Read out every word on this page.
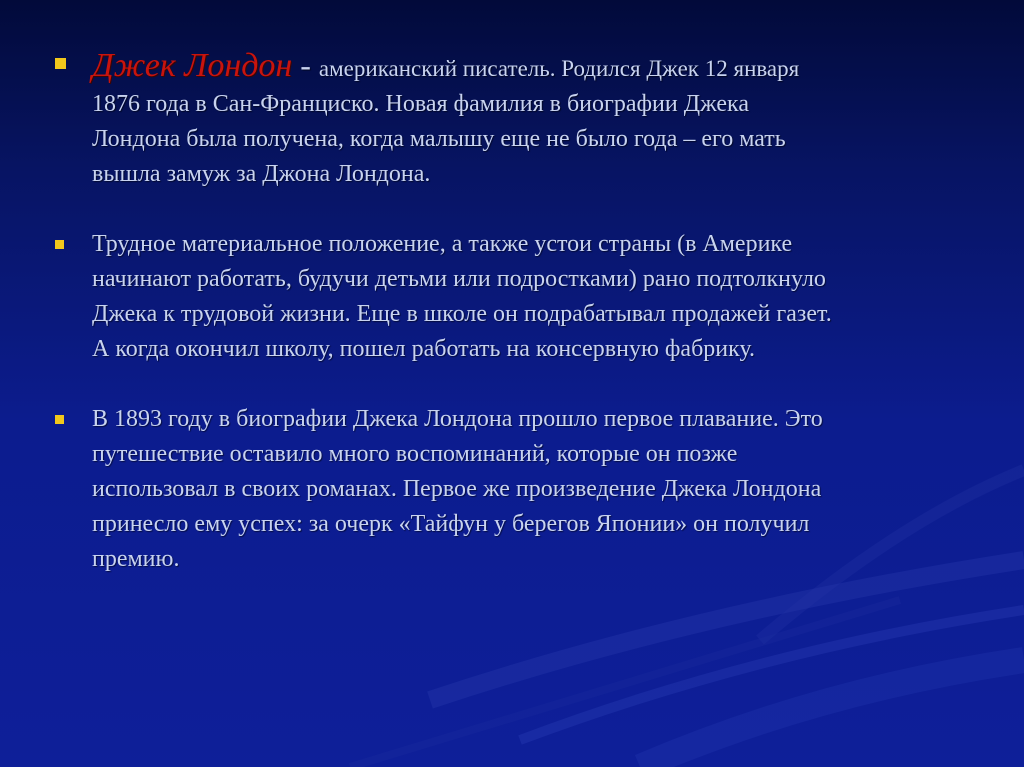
Джек Лондон - американский писатель. Родился Джек 12 января
1876 года в Сан-Франциско. Новая фамилия в биографии Джека
Лондона была получена, когда малышу еще не было года – его мать
вышла замуж за Джона Лондона.
Трудное материальное положение, а также устои страны (в Америке
начинают работать, будучи детьми или подростками) рано подтолкнуло
Джека к трудовой жизни. Еще в школе он подрабатывал продажей газет.
А когда окончил школу, пошел работать на консервную фабрику.
В 1893 году в биографии Джека Лондона прошло первое плавание. Это
путешествие оставило много воспоминаний, которые он позже
использовал в своих романах. Первое же произведение Джека Лондона
принесло ему успех: за очерк «Тайфун у берегов Японии» он получил
премию.
